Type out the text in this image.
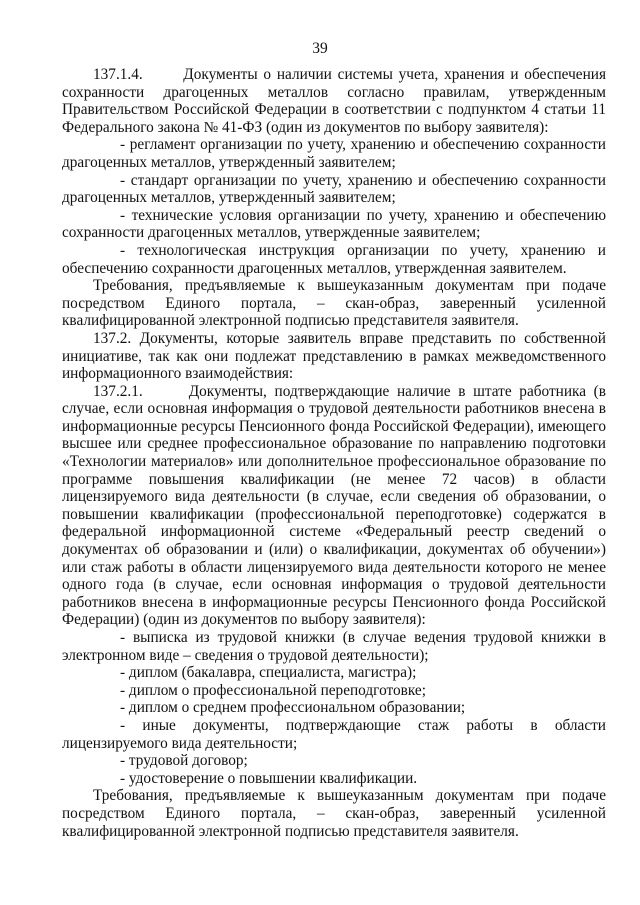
39

137.1.4.       Документы о наличии системы учета, хранения и обеспечения сохранности драгоценных металлов согласно правилам, утвержденным Правительством Российской Федерации в соответствии с подпунктом 4 статьи 11 Федерального закона № 41-ФЗ (один из документов по выбору заявителя):

- регламент организации по учету, хранению и обеспечению сохранности драгоценных металлов, утвержденный заявителем;

- стандарт организации по учету, хранению и обеспечению сохранности драгоценных металлов, утвержденный заявителем;

- технические условия организации по учету, хранению и обеспечению сохранности драгоценных металлов, утвержденные заявителем;

- технологическая инструкция организации по учету, хранению и обеспечению сохранности драгоценных металлов, утвержденная заявителем.

Требования, предъявляемые к вышеуказанным документам при подаче посредством Единого портала, – скан-образ, заверенный усиленной квалифицированной электронной подписью представителя заявителя.

137.2. Документы, которые заявитель вправе представить по собственной инициативе, так как они подлежат представлению в рамках межведомственного информационного взаимодействия:

137.2.1.      Документы, подтверждающие наличие в штате работника (в случае, если основная информация о трудовой деятельности работников внесена в информационные ресурсы Пенсионного фонда Российской Федерации), имеющего высшее или среднее профессиональное образование по направлению подготовки «Технологии материалов» или дополнительное профессиональное образование по программе повышения квалификации (не менее 72 часов) в области лицензируемого вида деятельности (в случае, если сведения об образовании, о повышении квалификации (профессиональной переподготовке) содержатся в федеральной информационной системе «Федеральный реестр сведений о документах об образовании и (или) о квалификации, документах об обучении») или стаж работы в области лицензируемого вида деятельности которого не менее одного года (в случае, если основная информация о трудовой деятельности работников внесена в информационные ресурсы Пенсионного фонда Российской Федерации) (один из документов по выбору заявителя):

- выписка из трудовой книжки (в случае ведения трудовой книжки в электронном виде – сведения о трудовой деятельности);

- диплом (бакалавра, специалиста, магистра);

- диплом о профессиональной переподготовке;

- диплом о среднем профессиональном образовании;

- иные документы, подтверждающие стаж работы в области лицензируемого вида деятельности;

- трудовой договор;

- удостоверение о повышении квалификации.

Требования, предъявляемые к вышеуказанным документам при подаче посредством Единого портала, – скан-образ, заверенный усиленной квалифицированной электронной подписью представителя заявителя.
